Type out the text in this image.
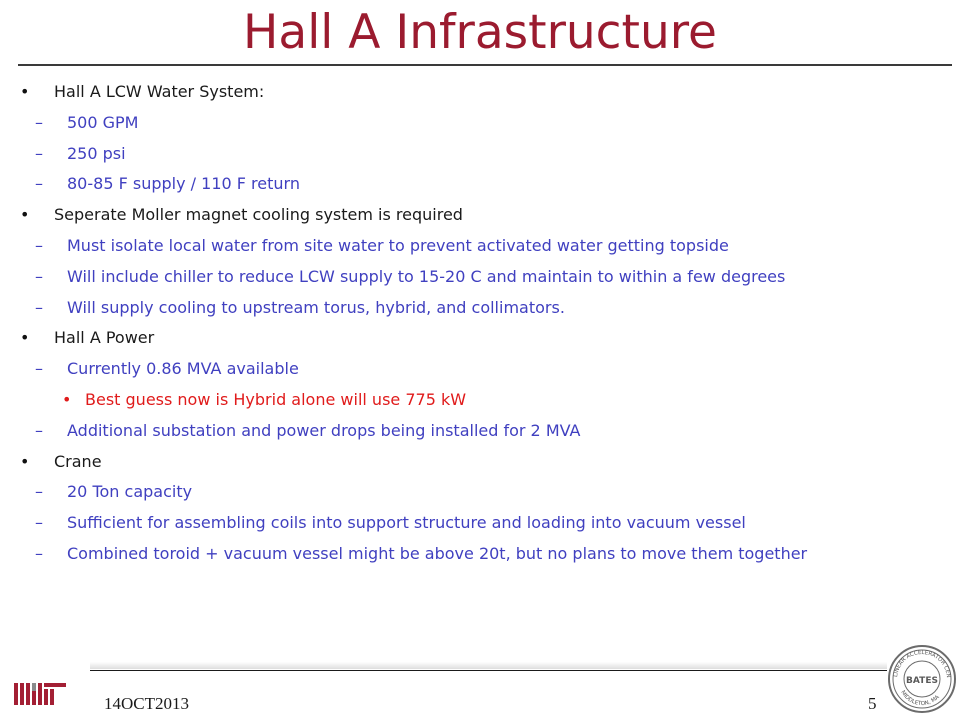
Hall A Infrastructure
• Hall A LCW Water System:
– 500 GPM
– 250 psi
– 80-85 F supply / 110 F return
• Seperate Moller magnet cooling system is required
– Must isolate local water from site water to prevent activated water getting topside
– Will include chiller to reduce LCW supply to 15-20 C and maintain to within a few degrees
– Will supply cooling to upstream torus, hybrid, and collimators.
• Hall A Power
– Currently 0.86 MVA available
• Best guess now is Hybrid alone will use 775 kW
– Additional substation and power drops being installed for 2 MVA
• Crane
– 20 Ton capacity
– Sufficient for assembling coils into support structure and loading into vacuum vessel
– Combined toroid + vacuum vessel might be above 20t, but no plans to move them together
LINEAR ACCELERATOR CEN
MIDDLETON, MA
BATES
14OCT2013	5
